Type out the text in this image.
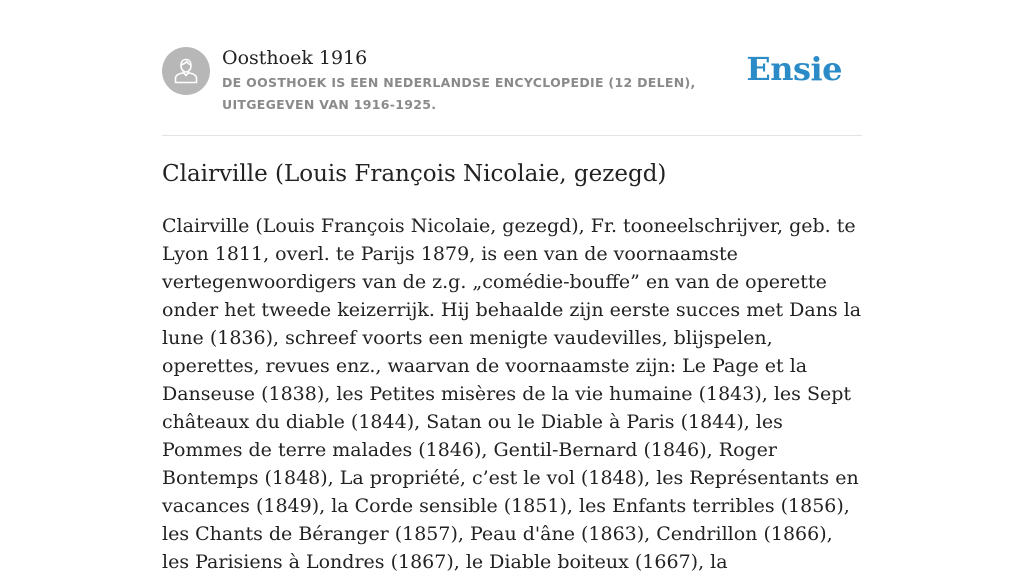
Oosthoek 1916
DE OOSTHOEK IS EEN NEDERLANDSE ENCYCLOPEDIE (12 DELEN), UITGEGEVEN VAN 1916-1925.
Ensie
Clairville (Louis François Nicolaie, gezegd)

Clairville (Louis François Nicolaie, gezegd), Fr. tooneelschrijver, geb. te Lyon 1811, overl. te Parijs 1879, is een van de voornaamste vertegenwoordigers van de z.g. „comédie-bouffe” en van de operette onder het tweede keizerrijk. Hij behaalde zijn eerste succes met Dans la lune (1836), schreef voorts een menigte vaudevilles, blijspelen, operettes, revues enz., waarvan de voornaamste zijn: Le Page et la Danseuse (1838), les Petites misères de la vie humaine (1843), les Sept châteaux du diable (1844), Satan ou le Diable à Paris (1844), les Pommes de terre malades (1846), Gentil-Bernard (1846), Roger Bontemps (1848), La propriété, c’est le vol (1848), les Représentants en vacances (1849), la Corde sensible (1851), les Enfants terribles (1856), les Chants de Béranger (1857), Peau d'âne (1863), Cendrillon (1866), les Parisiens à Londres (1867), le Diable boiteux (1667), la
